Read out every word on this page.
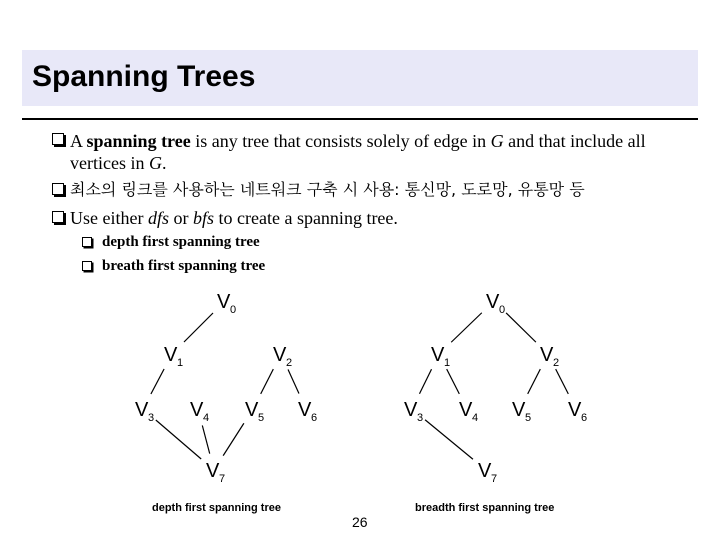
Spanning Trees
A spanning tree is any tree that consists solely of edge in G and that include all
vertices in G.
최소의 링크를 사용하는 네트워크 구축 시 사용: 통신망, 도로망, 유통망 등
Use either dfs or bfs to create a spanning tree.
depth first spanning tree
breath first spanning tree
V 0
V 1	V 2
V 3 V 4 V 5 V 6
V 7
depth first spanning tree
V 0
V 1	V 2
V 3 V 4 V 5 V 6
V 7
breadth first spanning tree
26
